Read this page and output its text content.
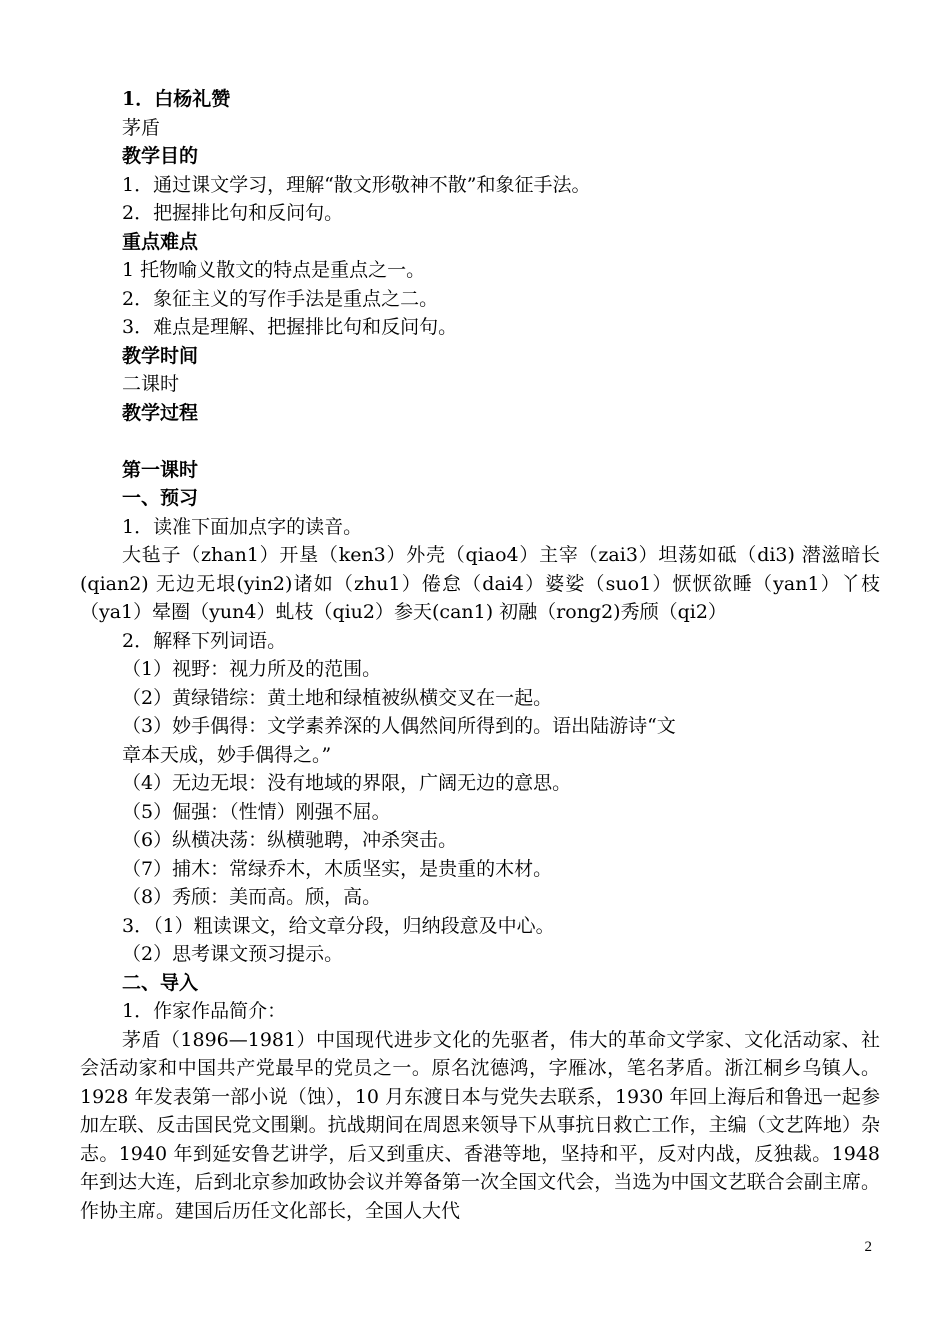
1．白杨礼赞
茅盾
教学目的
1．通过课文学习，理解“散文形敬神不散”和象征手法。
2．把握排比句和反问句。
重点难点
1 托物喻义散文的特点是重点之一。
2．象征主义的写作手法是重点之二。
3．难点是理解、把握排比句和反问句。
教学时间
二课时
教学过程
第一课时
一、预习
1．读准下面加点字的读音。
大毡子（zhan1）开垦（ken3）外壳（qiao4）主宰（zai3）坦荡如砥（di3) 潜滋暗长(qian2) 无边无垠(yin2)诸如（zhu1）倦怠（dai4）婆娑（suo1）恹恹欲睡（yan1）丫枝（ya1）晕圈（yun4）虬枝（qiu2）参天(can1) 初融（rong2)秀颀（qi2）
2．解释下列词语。
（1）视野：视力所及的范围。
（2）黄绿错综：黄土地和绿植被纵横交叉在一起。
（3）妙手偶得：文学素养深的人偶然间所得到的。语出陆游诗“文
章本天成，妙手偶得之。”
（4）无边无垠：没有地域的界限，广阔无边的意思。
（5）倔强：（性情）刚强不屈。
（6）纵横决荡：纵横驰聘，冲杀突击。
（7）捕木：常绿乔木，木质坚实，是贵重的木材。
（8）秀颀：美而高。颀，高。
3．（1）粗读课文，给文章分段，归纳段意及中心。
（2）思考课文预习提示。
二、导入
1．作家作品简介：
茅盾（1896—1981）中国现代进步文化的先驱者，伟大的革命文学家、文化活动家、社会活动家和中国共产党最早的党员之一。原名沈德鸿，字雁冰，笔名茅盾。浙江桐乡乌镇人。1928 年发表第一部小说（蚀），10 月东渡日本与党失去联系，1930 年回上海后和鲁迅一起参加左联、反击国民党文围剿。抗战期间在周恩来领导下从事抗日救亡工作，主编（文艺阵地）杂志。1940 年到延安鲁艺讲学，后又到重庆、香港等地，坚持和平，反对内战，反独裁。1948 年到达大连，后到北京参加政协会议并筹备第一次全国文代会，当选为中国文艺联合会副主席。作协主席。建国后历任文化部长，全国人大代
2
